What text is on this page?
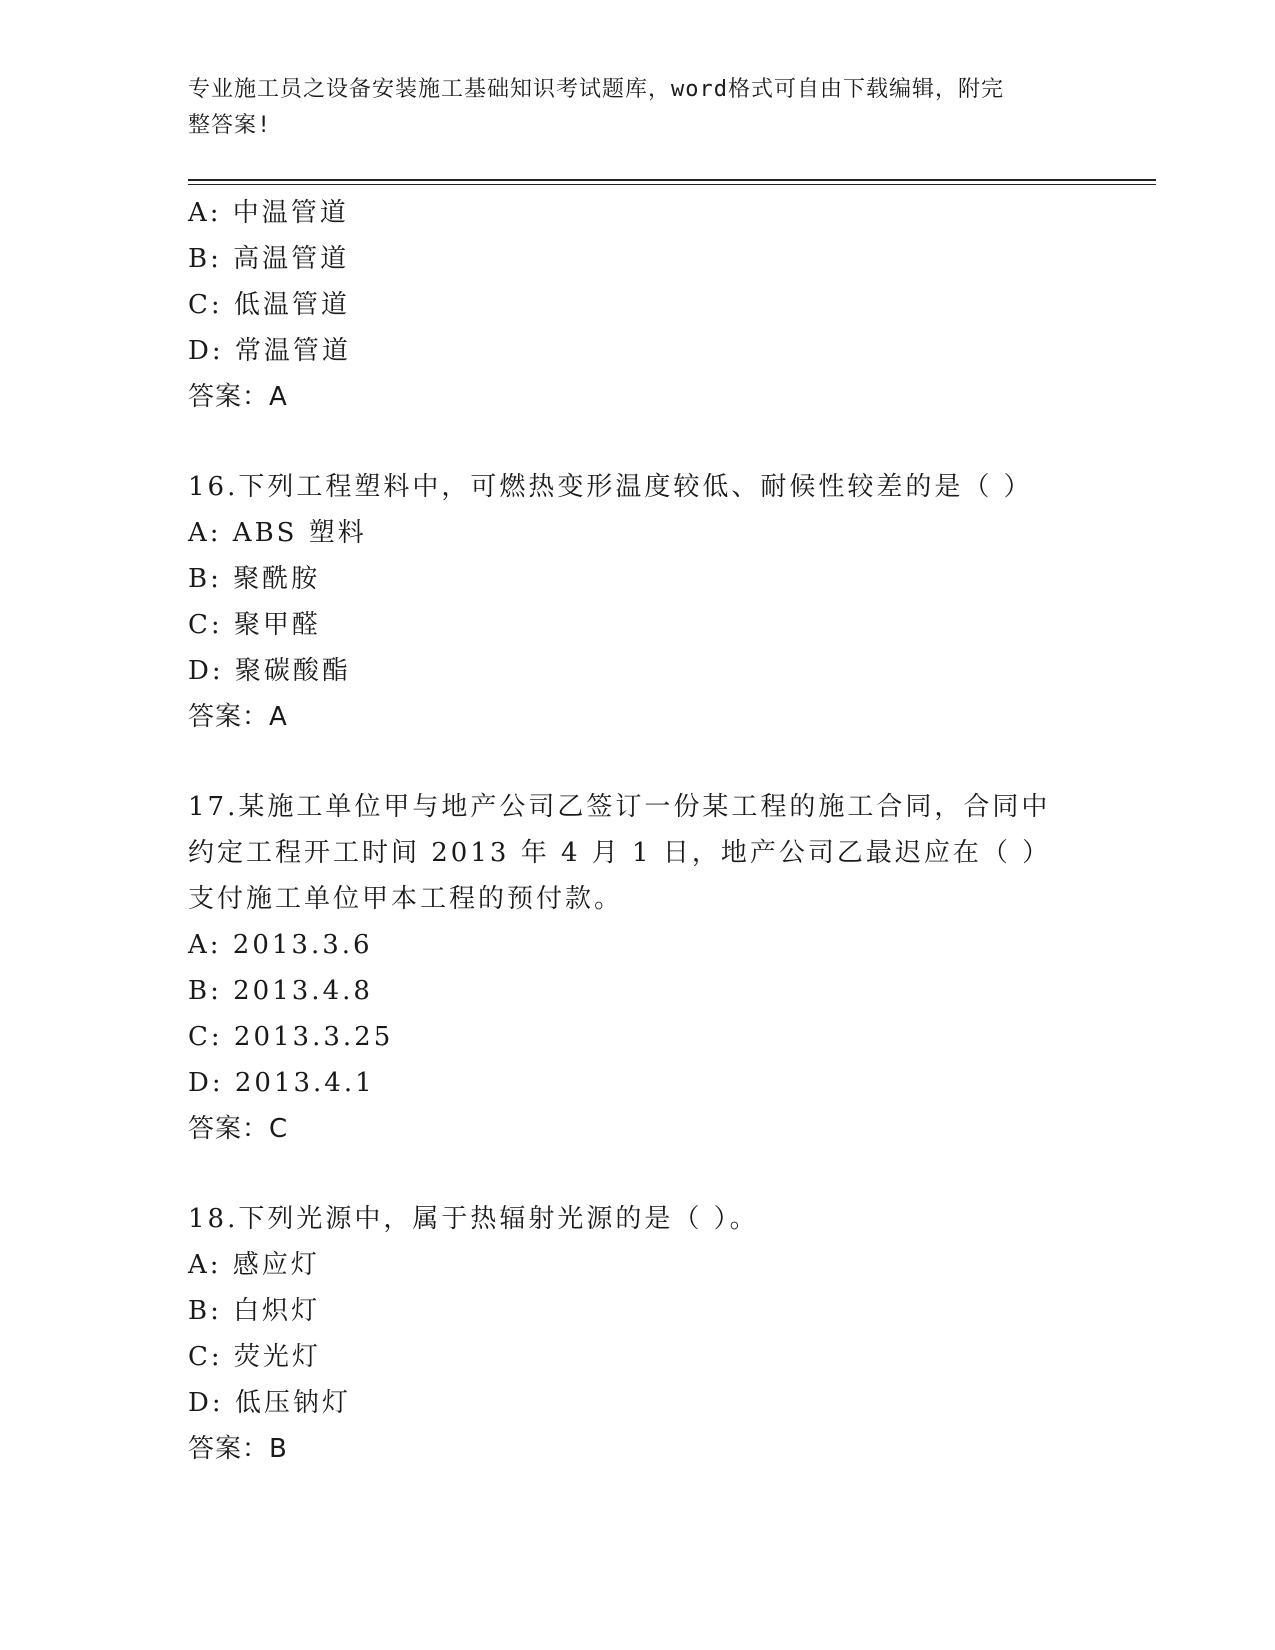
专业施工员之设备安装施工基础知识考试题库，word格式可自由下载编辑，附完
整答案!
A: 中温管道
B: 高温管道
C: 低温管道
D: 常温管道
答案：A
16.下列工程塑料中，可燃热变形温度较低、耐候性较差的是（ ）
A: ABS 塑料
B: 聚酰胺
C: 聚甲醛
D: 聚碳酸酯
答案：A
17.某施工单位甲与地产公司乙签订一份某工程的施工合同，合同中约定工程开工时间 2013 年 4 月 1 日，地产公司乙最迟应在（ ）支付施工单位甲本工程的预付款。
A: 2013.3.6
B: 2013.4.8
C: 2013.3.25
D: 2013.4.1
答案：C
18.下列光源中，属于热辐射光源的是（ ）。
A: 感应灯
B: 白炽灯
C: 荧光灯
D: 低压钠灯
答案：B
